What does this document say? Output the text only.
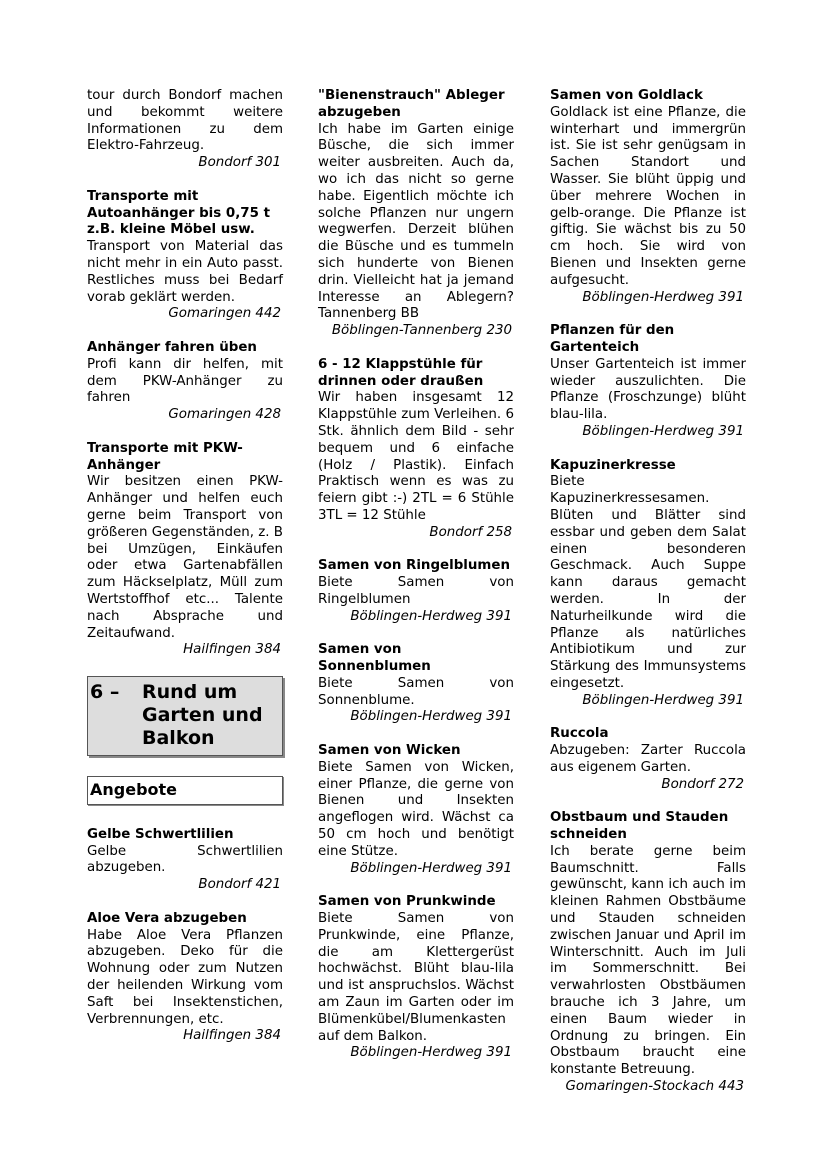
tour durch Bondorf machen und bekommt weitere Informationen zu dem Elektro-Fahrzeug.
Bondorf 301
Transporte mit Autoanhänger bis 0,75 t z.B. kleine Möbel usw.
Transport von Material das nicht mehr in ein Auto passt. Restliches muss bei Bedarf vorab geklärt werden.
Gomaringen 442
Anhänger fahren üben
Profi kann dir helfen, mit dem PKW-Anhänger zu fahren
Gomaringen 428
Transporte mit PKW-Anhänger
Wir besitzen einen PKW-Anhänger und helfen euch gerne beim Transport von größeren Gegenständen, z. B bei Umzügen, Einkäufen oder etwa Gartenabfällen zum Häckselplatz, Müll zum Wertstoffhof etc... Talente nach Absprache und Zeitaufwand.
Hailfingen 384
6 –	Rund um Garten und Balkon
Angebote
Gelbe Schwertlilien
Gelbe Schwertlilien abzugeben.
Bondorf 421
Aloe Vera abzugeben
Habe Aloe Vera Pflanzen abzugeben. Deko für die Wohnung oder zum Nutzen der heilenden Wirkung vom Saft bei Insektenstichen, Verbrennungen, etc.
Hailfingen 384
"Bienenstrauch" Ableger abzugeben
Ich habe im Garten einige Büsche, die sich immer weiter ausbreiten. Auch da, wo ich das nicht so gerne habe. Eigentlich möchte ich solche Pflanzen nur ungern wegwerfen. Derzeit blühen die Büsche und es tummeln sich hunderte von Bienen drin. Vielleicht hat ja jemand Interesse an Ablegern? Tannenberg BB
Böblingen-Tannenberg 230
6 - 12 Klappstühle für drinnen oder draußen
Wir haben insgesamt 12 Klappstühle zum Verleihen. 6 Stk. ähnlich dem Bild - sehr bequem und 6 einfache (Holz / Plastik). Einfach Praktisch wenn es was zu feiern gibt :-) 2TL = 6 Stühle 3TL = 12 Stühle
Bondorf 258
Samen von Ringelblumen
Biete Samen von Ringelblumen
Böblingen-Herdweg 391
Samen von Sonnenblumen
Biete Samen von Sonnenblume.
Böblingen-Herdweg 391
Samen von Wicken
Biete Samen von Wicken, einer Pflanze, die gerne von Bienen und Insekten angeflogen wird. Wächst ca 50 cm hoch und benötigt eine Stütze.
Böblingen-Herdweg 391
Samen von Prunkwinde
Biete Samen von Prunkwinde, eine Pflanze, die am Klettergerüst hochwächst. Blüht blau-lila und ist anspruchslos. Wächst am Zaun im Garten oder im Blümenkübel/Blumenkasten auf dem Balkon.
Böblingen-Herdweg 391
Samen von Goldlack
Goldlack ist eine Pflanze, die winterhart und immergrün ist. Sie ist sehr genügsam in Sachen Standort und Wasser. Sie blüht üppig und über mehrere Wochen in gelb-orange. Die Pflanze ist giftig. Sie wächst bis zu 50 cm hoch. Sie wird von Bienen und Insekten gerne aufgesucht.
Böblingen-Herdweg 391
Pflanzen für den Gartenteich
Unser Gartenteich ist immer wieder auszulichten. Die Pflanze (Froschzunge) blüht blau-lila.
Böblingen-Herdweg 391
Kapuzinerkresse
Biete Kapuzinerkressesamen. Blüten und Blätter sind essbar und geben dem Salat einen besonderen Geschmack. Auch Suppe kann daraus gemacht werden. In der Naturheilkunde wird die Pflanze als natürliches Antibiotikum und zur Stärkung des Immunsystems eingesetzt.
Böblingen-Herdweg 391
Ruccola
Abzugeben: Zarter Ruccola aus eigenem Garten.
Bondorf 272
Obstbaum und Stauden schneiden
Ich berate gerne beim Baumschnitt. Falls gewünscht, kann ich auch im kleinen Rahmen Obstbäume und Stauden schneiden zwischen Januar und April im Winterschnitt. Auch im Juli im Sommerschnitt. Bei verwahrlosten Obstbäumen brauche ich 3 Jahre, um einen Baum wieder in Ordnung zu bringen. Ein Obstbaum braucht eine konstante Betreuung.
Gomaringen-Stockach 443
